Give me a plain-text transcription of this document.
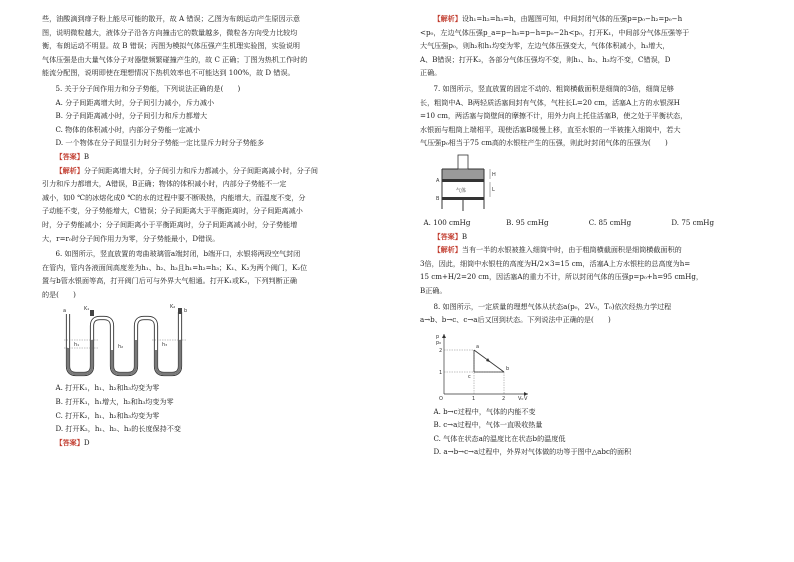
些，油酸滴到痱子粉上能尽可能的散开，故 A 错误；乙图为布朗运动产生原因示意

图，说明微粒越大，液体分子沿各方向撞击它的数量越多，微粒各方向受力比较均

衡，布朗运动不明显。故 B 错误；丙图为模拟气体压强产生机理实验图，实验说明

气体压强是由大量气体分子对器壁频繁碰撞产生的，故 C 正确；丁图为热机工作时的

能流分配图，说明即使在理想情况下热机效率也不可能达到 100%，故 D 错误。

5. 关于分子间作用力和分子势能，下列说法正确的是(　　)

A. 分子间距离增大时，分子间引力减小，斥力减小

B. 分子间距离减小时，分子间引力和斥力都增大

C. 物体的体积减小时，内部分子势能一定减小

D. 一个物体在分子间显引力时分子势能一定比显斥力时分子势能多

【答案】B

【解析】分子间距离增大时，分子间引力和斥力都减小，分子间距离减小时，分子间

引力和斥力都增大，A错误，B正确；物体的体积减小时，内部分子势能不一定

减小，如0 ℃的冰熔化成0 ℃的水的过程中要不断吸热，内能增大，而温度不变，分

子动能不变，分子势能增大，C错误；分子间距离大于平衡距离时，分子间距离减小

时，分子势能减小；分子间距离小于平衡距离时，分子间距离减小时，分子势能增

大，r=r₀时分子间作用力为零，分子势能最小，D错误。

6. 如图所示，竖直放置的弯曲玻璃管a端封闭，b端开口，水银将两段空气封闭

在管内，管内各液面间高度差为h₁、h₂、h₃且h₁=h₂=h₃；K₁、K₂为两个阀门，K₂位

置与b管水银面等高，打开阀门后可与外界大气相通。打开K₁或K₂，下列判断正确

的是(　　)

a	b
K₁	K₂
h₁	h₂	h₃

A. 打开K₁，h₁、h₂和h₃均变为零

B. 打开K₁，h₁增大，h₂和h₃均变为零

C. 打开K₂，h₁、h₂和h₃均变为零

D. 打开K₂，h₁、h₂、h₃的长度保持不变

【答案】D

【解析】设h₁=h₂=h₃=h，由题图可知，中间封闭气体的压强p=p₀−h₂=p₀−h

<p₀，左边气体压强p_a=p−h₃=p−h=p₀−2h<p₀，打开K₁，中间部分气体压强等于

大气压强p₀，则h₂和h₁均变为零，左边气体压强变大，气体体积减小，h₃增大，

A、B错误；打开K₂，各部分气体压强均不变，则h₁、h₂、h₃均不变，C错误，D

正确。

7. 如图所示，竖直放置的固定不动的、粗筒横截面积是细筒的3倍，细筒足够

长，粗筒中A、B两轻质活塞间封有气体，气柱长L=20 cm，活塞A上方的水银深H

=10 cm，两活塞与筒壁间的摩擦不计，用外力向上托住活塞B，使之处于平衡状态，

水银面与粗筒上端相平，现使活塞B缓慢上移，直至水银的一半被推入细筒中，若大

气压强p₀相当于75 cm高的水银柱产生的压强，则此时封闭气体的压强为(　　)

H
L
A
B
气体
A. 100 cmHg	B. 95 cmHg	C. 85 cmHg	D. 75 cmHg

【答案】B

【解析】当有一半的水银被推入细筒中时，由于粗筒横截面积是细筒横截面积的

3倍，因此，细筒中水银柱的高度为H/2×3=15 cm，活塞A上方水银柱的总高度为h=

15 cm+H/2=20 cm，因活塞A的重力不计，所以封闭气体的压强p=p₀+h=95 cmHg，

B正确。

8. 如图所示，一定质量的理想气体从状态a(p₀，2V₀，T₀)依次经热力学过程

a→b、b→c、c→a后又回到状态。下列说法中正确的是(　　)

p
p₀
V
V₀
O
2
1
1	2
a
b
c

A. b→c过程中，气体的内能不变

B. c→a过程中，气体一直吸收热量

C. 气体在状态a的温度比在状态b的温度低

D. a→b→c→a过程中，外界对气体做的功等于图中△abc的面积
